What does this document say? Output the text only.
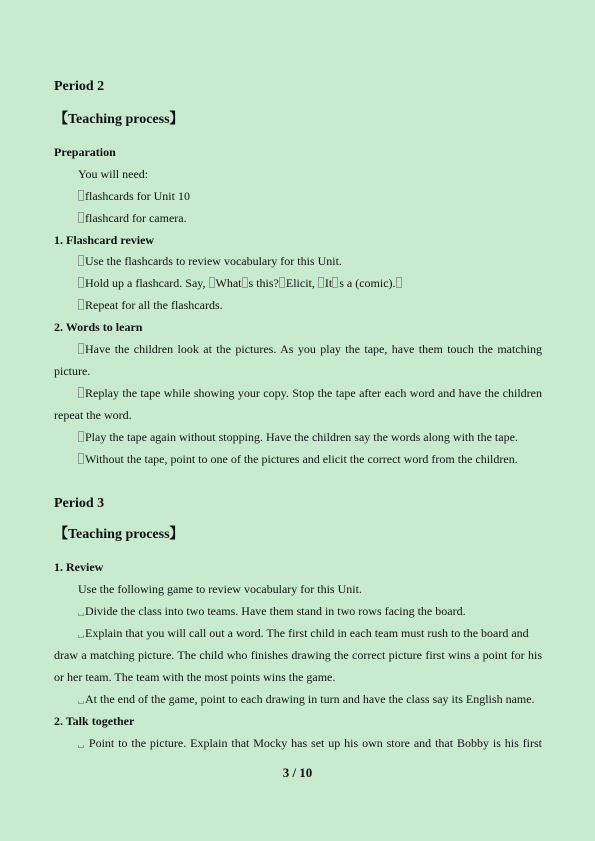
Period 2
【Teaching process】
Preparation
You will need:
flashcards for Unit 10
flashcard for camera.
1. Flashcard review
Use the flashcards to review vocabulary for this Unit.
Hold up a flashcard. Say, What s this? Elicit, It s a (comic).
Repeat for all the flashcards.
2. Words to learn
Have the children look at the pictures. As you play the tape, have them touch the matching
picture.
Replay the tape while showing your copy. Stop the tape after each word and have the children
repeat the word.
Play the tape again without stopping. Have the children say the words along with the tape.
Without the tape, point to one of the pictures and elicit the correct word from the children.
Period 3
【Teaching process】
1. Review
Use the following game to review vocabulary for this Unit.
Divide the class into two teams. Have them stand in two rows facing the board.
Explain that you will call out a word. The first child in each team must rush to the board and
draw a matching picture. The child who finishes drawing the correct picture first wins a point for his
or her team. The team with the most points wins the game.
At the end of the game, point to each drawing in turn and have the class say its English name.
2. Talk together
Point to the picture. Explain that Mocky has set up his own store and that Bobby is his first
3 / 10
